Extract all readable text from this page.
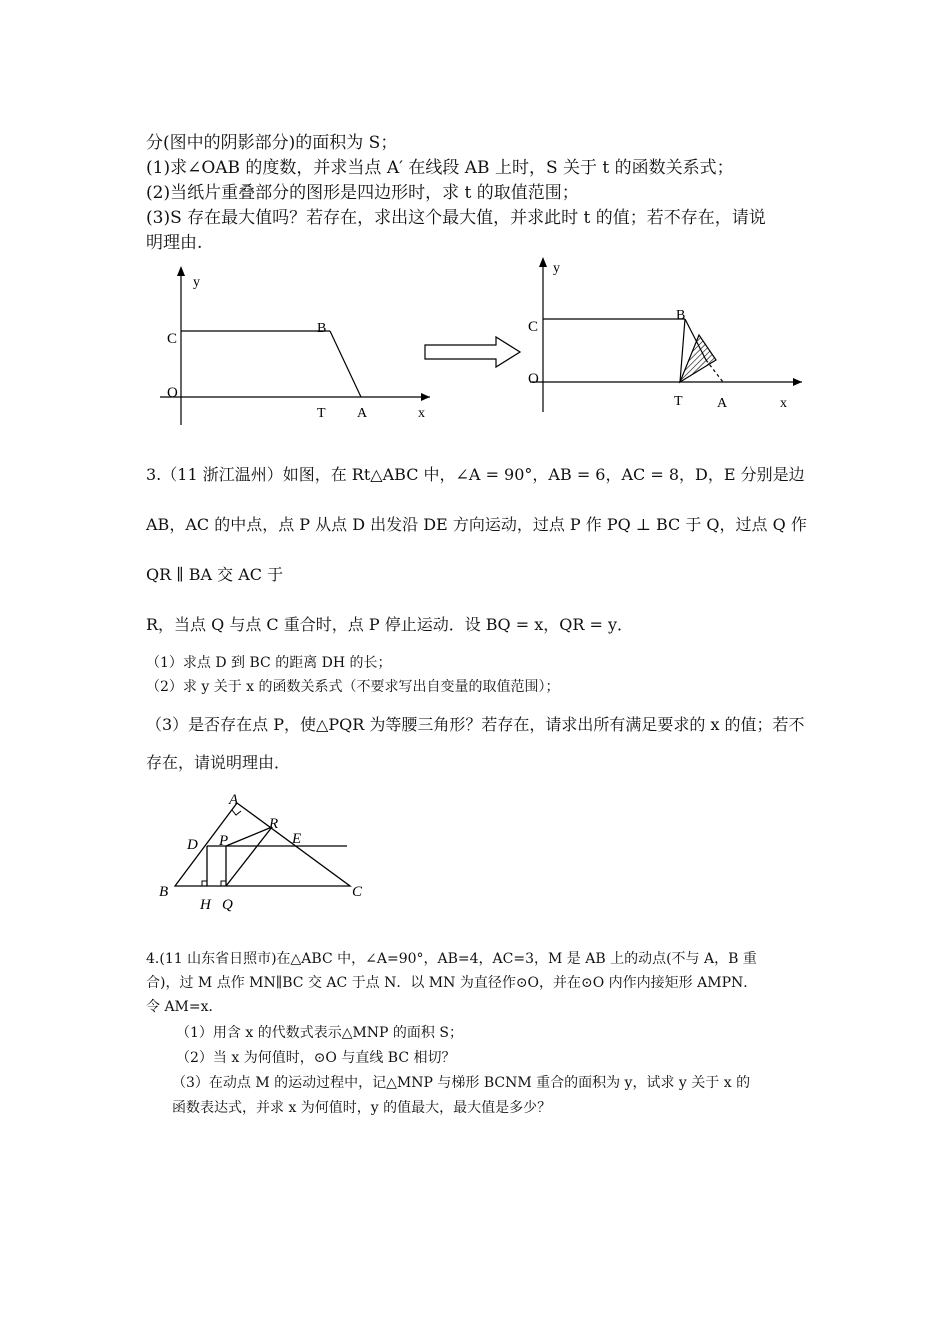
分(图中的阴影部分)的面积为 S；
(1)求∠OAB 的度数，并求当点 A′ 在线段 AB 上时，S 关于 t 的函数关系式；
(2)当纸片重叠部分的图形是四边形时，求 t 的取值范围；
(3)S 存在最大值吗？若存在，求出这个最大值，并求此时 t 的值；若不存在，请说
明理由.
y
C
B
O
T A	x
y
C
B
O
T A	x
3.（11 浙江温州）如图，在 Rt△ABC 中，∠A = 90°，AB = 6，AC = 8，D，E 分别是边
AB，AC 的中点，点 P 从点 D 出发沿 DE 方向运动，过点 P 作 PQ ⊥ BC 于 Q，过点 Q 作
QR ∥ BA 交 AC 于
R，当点 Q 与点 C 重合时，点 P 停止运动．设 BQ = x，QR = y．
（1）求点 D 到 BC 的距离 DH 的长；
（2）求 y 关于 x 的函数关系式（不要求写出自变量的取值范围）；
（3）是否存在点 P，使△PQR 为等腰三角形？若存在，请求出所有满足要求的 x 的值；若不
存在，请说明理由．
A
D P
R
E
B	C
H Q
4.(11 山东省日照市)在△ABC 中，∠A=90°，AB=4，AC=3，M 是 AB 上的动点(不与 A，B 重
合)，过 M 点作 MN∥BC 交 AC 于点 N．以 MN 为直径作⊙O，并在⊙O 内作内接矩形 AMPN．
令 AM=x．
（1）用含 x 的代数式表示△MNP 的面积 S；
（2）当 x 为何值时，⊙O 与直线 BC 相切？
（3）在动点 M 的运动过程中，记△MNP 与梯形 BCNM 重合的面积为 y，试求 y 关于 x 的
函数表达式，并求 x 为何值时，y 的值最大，最大值是多少？
